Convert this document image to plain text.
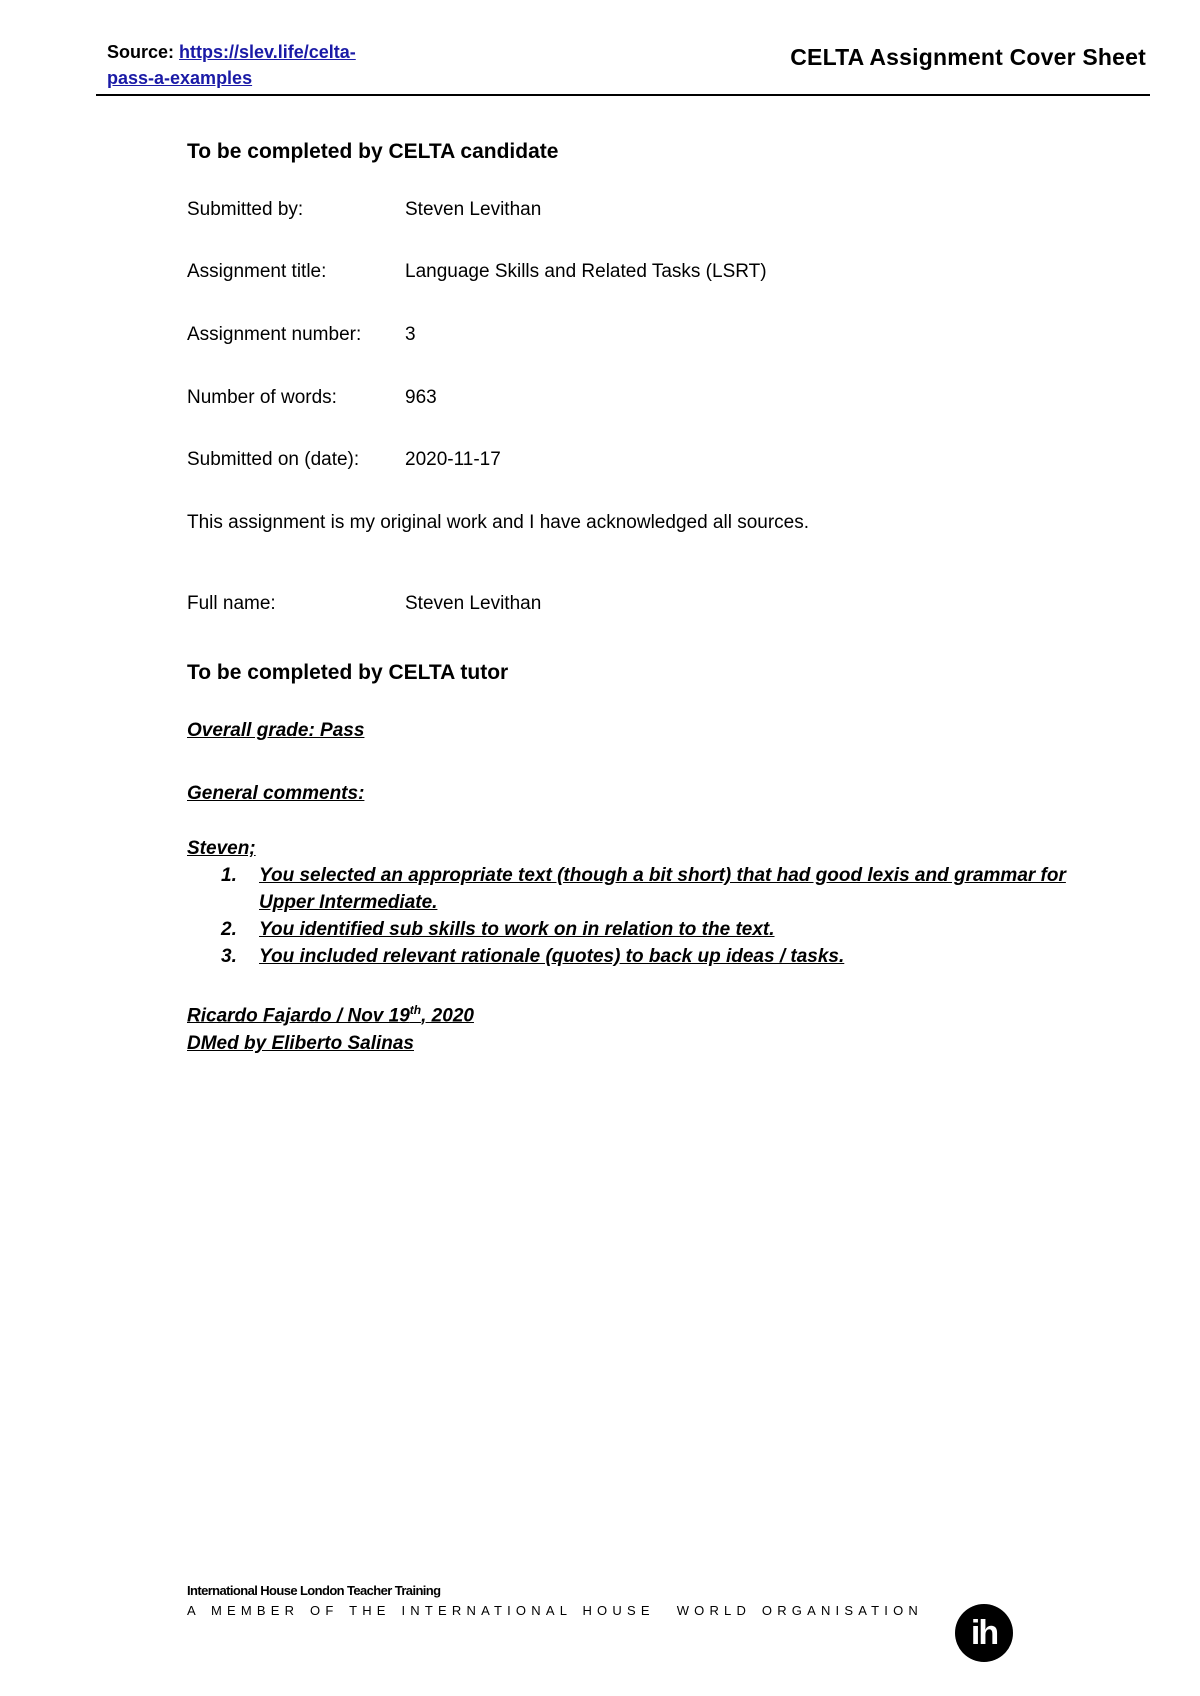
Source: https://slev.life/celta-pass-a-examples
CELTA Assignment Cover Sheet
To be completed by CELTA candidate
Submitted by:	Steven Levithan
Assignment title:	Language Skills and Related Tasks (LSRT)
Assignment number:	3
Number of words:	963
Submitted on (date):	2020-11-17

This assignment is my original work and I have acknowledged all sources.

Full name:	Steven Levithan
To be completed by CELTA tutor

Overall grade: Pass

General comments:

Steven;

1.	You selected an appropriate text (though a bit short) that had good lexis and grammar for Upper Intermediate.
2.	You identified sub skills to work on in relation to the text.
3.	You included relevant rationale (quotes) to back up ideas / tasks.

Ricardo Fajardo / Nov 19th, 2020

DMed by Eliberto Salinas

International House London Teacher Training
A MEMBER OF THE INTERNATIONAL HOUSE WORLD ORGANISATION
ih
